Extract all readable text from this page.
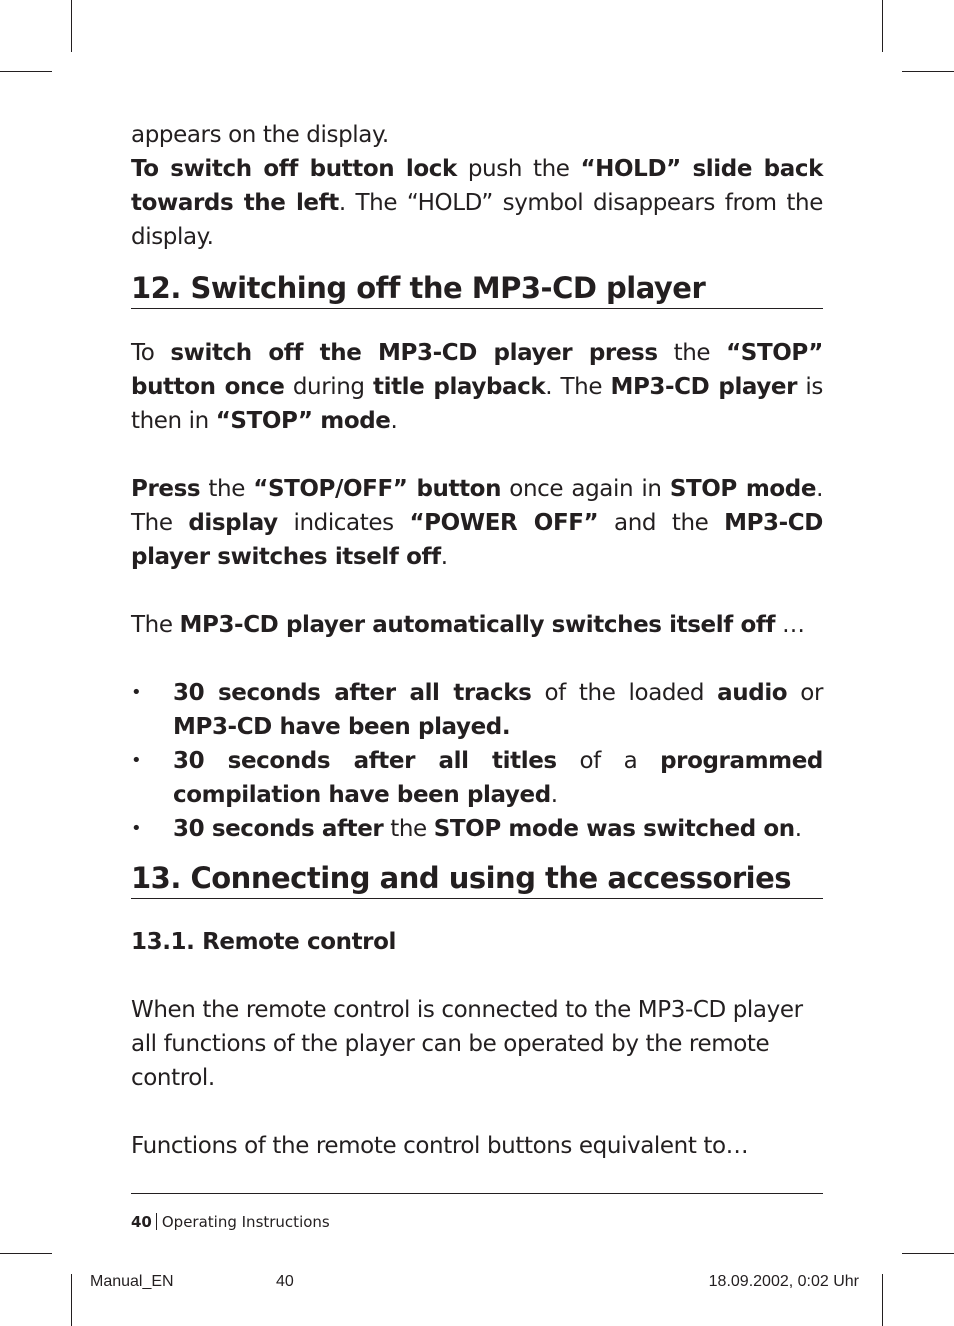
appears on the display.

To switch off button lock push the “HOLD” slide back towards the left. The “HOLD” symbol disappears from the display.

12. Switching off the MP3-CD player

To switch off the MP3-CD player press the “STOP” button once during title playback. The MP3-CD player is then in “STOP” mode.

Press the “STOP/OFF” button once again in STOP mode. The display indicates “POWER OFF” and the MP3-CD player switches itself off.

The MP3-CD player automatically switches itself off …

•	30 seconds after all tracks of the loaded audio or MP3-CD have been played.
•	30 seconds after all titles of a programmed compilation have been played.
•	30 seconds after the STOP mode was switched on.
13. Connecting and using the accessories
13.1. Remote control

When the remote control is connected to the MP3-CD player all functions of the player can be operated by the remote control.

Functions of the remote control buttons equivalent to…

40 Operating Instructions
Manual_EN	40	18.09.2002, 0:02 Uhr
